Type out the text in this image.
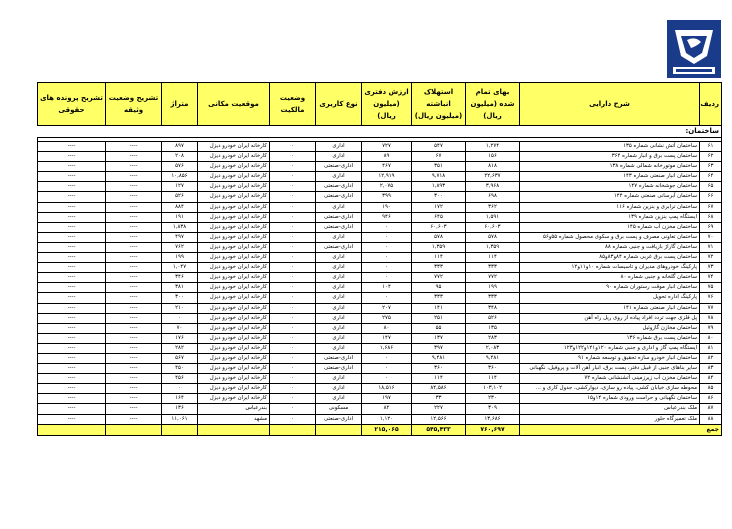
ردیف	شرح دارایی	بهای تمام شده (میلیون ریال)	استهلاک انباشته (میلیون ریال)	ارزش دفتری (میلیون ریال)	نوع کاربری	وضعیت مالکیت	موقعیت مکانی	متراژ	تشریح وضعیت وثیقه	تشریح پرونده های حقوقی
ساختمان:										

۶۱	ساختمان آتش نشانی شماره ۱۳۵	۱,۲۷۴	۵۴۷	۷۲۷	اداری	۰	کارخانه ایران خودرو دیزل	۸۹۷	----	----
۶۲	ساختمان پست برق و انبار شماره ۳۶۴	۱۵۶	۶۷	۸۹	اداری	۰	کارخانه ایران خودرو دیزل	۲۰۸	----	----
۶۳	ساختمان موتورخانه شمالی شماره ۱۳۸	۸۱۸	۳۵۱	۴۶۷	اداری-صنعتی	۰	کارخانه ایران خودرو دیزل	۵۷۶	----	----
۶۴	ساختمان انبار صنعتی شماره ۱۴۳	۲۲,۶۳۷	۹,۷۱۸	۱۲,۹۱۹	اداری	۰	کارخانه ایران خودرو دیزل	۱۰,۸۵۶	----	----
۶۵	ساختمان جوشخانه شماره ۱۴۷	۳,۹۶۸	۱,۸۹۳	۲,۰۷۵	اداری-صنعتی	۰	کارخانه ایران خودرو دیزل	۱۲۷	----	----
۶۶	ساختمان آبرسانی صنعتی شماره ۱۴۴	۶۹۸	۳۰۰	۳۹۹	اداری-صنعتی	۰	کارخانه ایران خودرو دیزل	۵۲۶	----	----
۶۷	ساختمان ترابری و بنزین شماره ۱۱۶	۳۶۲	۱۷۲	۱۹۰	اداری	۰	کارخانه ایران خودرو دیزل	۸۸۴	----	----
۶۸	ایستگاه پمپ بنزین شماره ۱۳۹	۱,۵۹۱	۶۴۵	۹۴۶	اداری-صنعتی	۰	کارخانه ایران خودرو دیزل	۱۹۱	----	----
۶۹	ساختمان مخزن آب شماره ۱۴۵	۶۰,۶۰۳	۶۰,۶۰۳	۰	اداری-صنعتی	۰	کارخانه ایران خودرو دیزل	۱,۸۳۸	----	----
۷۰	ساختمان تعاونی مصرف و پست برق و سکوی محصول شماره ۵۵و۵۶	۵۷۸	۵۷۸	۰	اداری	۰	کارخانه ایران خودرو دیزل	۴۹۷	----	----
۷۱	ساختمان گاراژ بازیافت و جنبی شماره ۸۸	۱,۳۵۹	۱,۳۵۹	۰	اداری-صنعتی	۰	کارخانه ایران خودرو دیزل	۷۶۲	----	----
۷۲	ساختمان پست برق غربی شماره ۸۴و۸۳و۸۵	۱۱۴	۱۱۴	۰	اداری	۰	کارخانه ایران خودرو دیزل	۱۹۹	----	----
۷۳	پارکینگ خودروهای مدیران و تاسیسات شماره ۱۰و۱۱و۱۲	۳۳۳	۳۳۳	۰	اداری	۰	کارخانه ایران خودرو دیزل	۱,۰۴۷	----	----
۷۴	ساختمان گلخانه و جنبی شماره ۸۰	۷۷۲	۷۷۲	۰	اداری	۰	کارخانه ایران خودرو دیزل	۳۴۶	----	----
۷۵	ساختمان انبار موقت رستوران شماره ۹۰	۱۹۹	۹۵	۱۰۴	اداری	۰	کارخانه ایران خودرو دیزل	۳۸۱	----	----
۷۶	پارکینگ اداره تحویل	۳۳۳	۳۳۳	۰	اداری	۰	کارخانه ایران خودرو دیزل	۳۰۰	----	----
۷۷	ساختمان انبار صنعتی شماره ۱۴۱	۳۴۸	۱۴۱	۲۰۷	اداری	۰	کارخانه ایران خودرو دیزل	۲۱۰	----	----
۷۸	پل فلزی جهت تردد افراد پیاده از روی ریل راه آهن	۵۲۶	۲۵۱	۲۷۵	اداری	۰	کارخانه ایران خودرو دیزل	۰	----	----
۷۹	ساختمان مخازن گازوئیل	۱۳۵	۵۵	۸۰	اداری	۰	کارخانه ایران خودرو دیزل	۷۰	----	----
۸۰	ساختمان پست برق شماره ۱۳۶	۲۸۳	۱۳۷	۱۴۷	اداری	۰	کارخانه ایران خودرو دیزل	۱۷۶	----	----
۸۱	ایستگاه پمپ گاز و اداری و جنبی شماره ۱۲۰و۱۲۱و۱۲۲و۱۲۳	۲,۰۸۳	۳۹۷	۱,۶۸۶	اداری	۰	کارخانه ایران خودرو دیزل	۲۸۲	----	----
۸۲	ساختمان انبار خودرو سازه تحقیق و توسعه شماره ۹۱	۹,۴۸۱	۹,۴۸۱	۰	اداری-صنعتی	۰	کارخانه ایران خودرو دیزل	۵۶۷	----	----
۸۳	سایر بناهای جنبی از قبیل دفتر، پست برق، انبار آهن آلات و پروفیل، نگهبانی	۳۶۰	۳۶۰	۰	اداری-صنعتی	۰	کارخانه ایران خودرو دیزل	۴۵۰	----	----
۸۴	ساختمان مخزن آب زیرزمینی آتشنشانی شماره ۷۲	۱۱۴	۱۱۴	۰	اداری	۰	کارخانه ایران خودرو دیزل	۴۵۶	----	----
۸۵	محوطه سازی خیابان کشی، پیاده رو سازی، دیوارکشی، جدول کاری و ...	۱۰۳,۱۰۲	۸۴,۵۸۶	۱۸,۵۱۶	اداری	۰	کارخانه ایران خودرو دیزل	۰	----	----
۸۶	ساختمان نگهبانی و حراست ورودی شماره ۱۴و۱۵	۲۳۰	۳۳	۱۹۷	اداری	۰	کارخانه ایران خودرو دیزل	۱۶۴	----	----
۸۷	ملک بندرعباس	۳۰۹	۲۲۷	۸۲	مسکونی	۰	بندرعباس	۱۳۶	----	----
۸۸	ملک تعمیرگاه حلور	۱۳,۶۸۶	۱۲,۵۶۶	۱,۱۲۰	اداری-صنعتی	۰	مشهد	۱۱,۰۶۱	----	----
جمع		۷۶۰,۶۹۷	۵۴۵,۴۳۳	۲۱۵,۰۶۵						
